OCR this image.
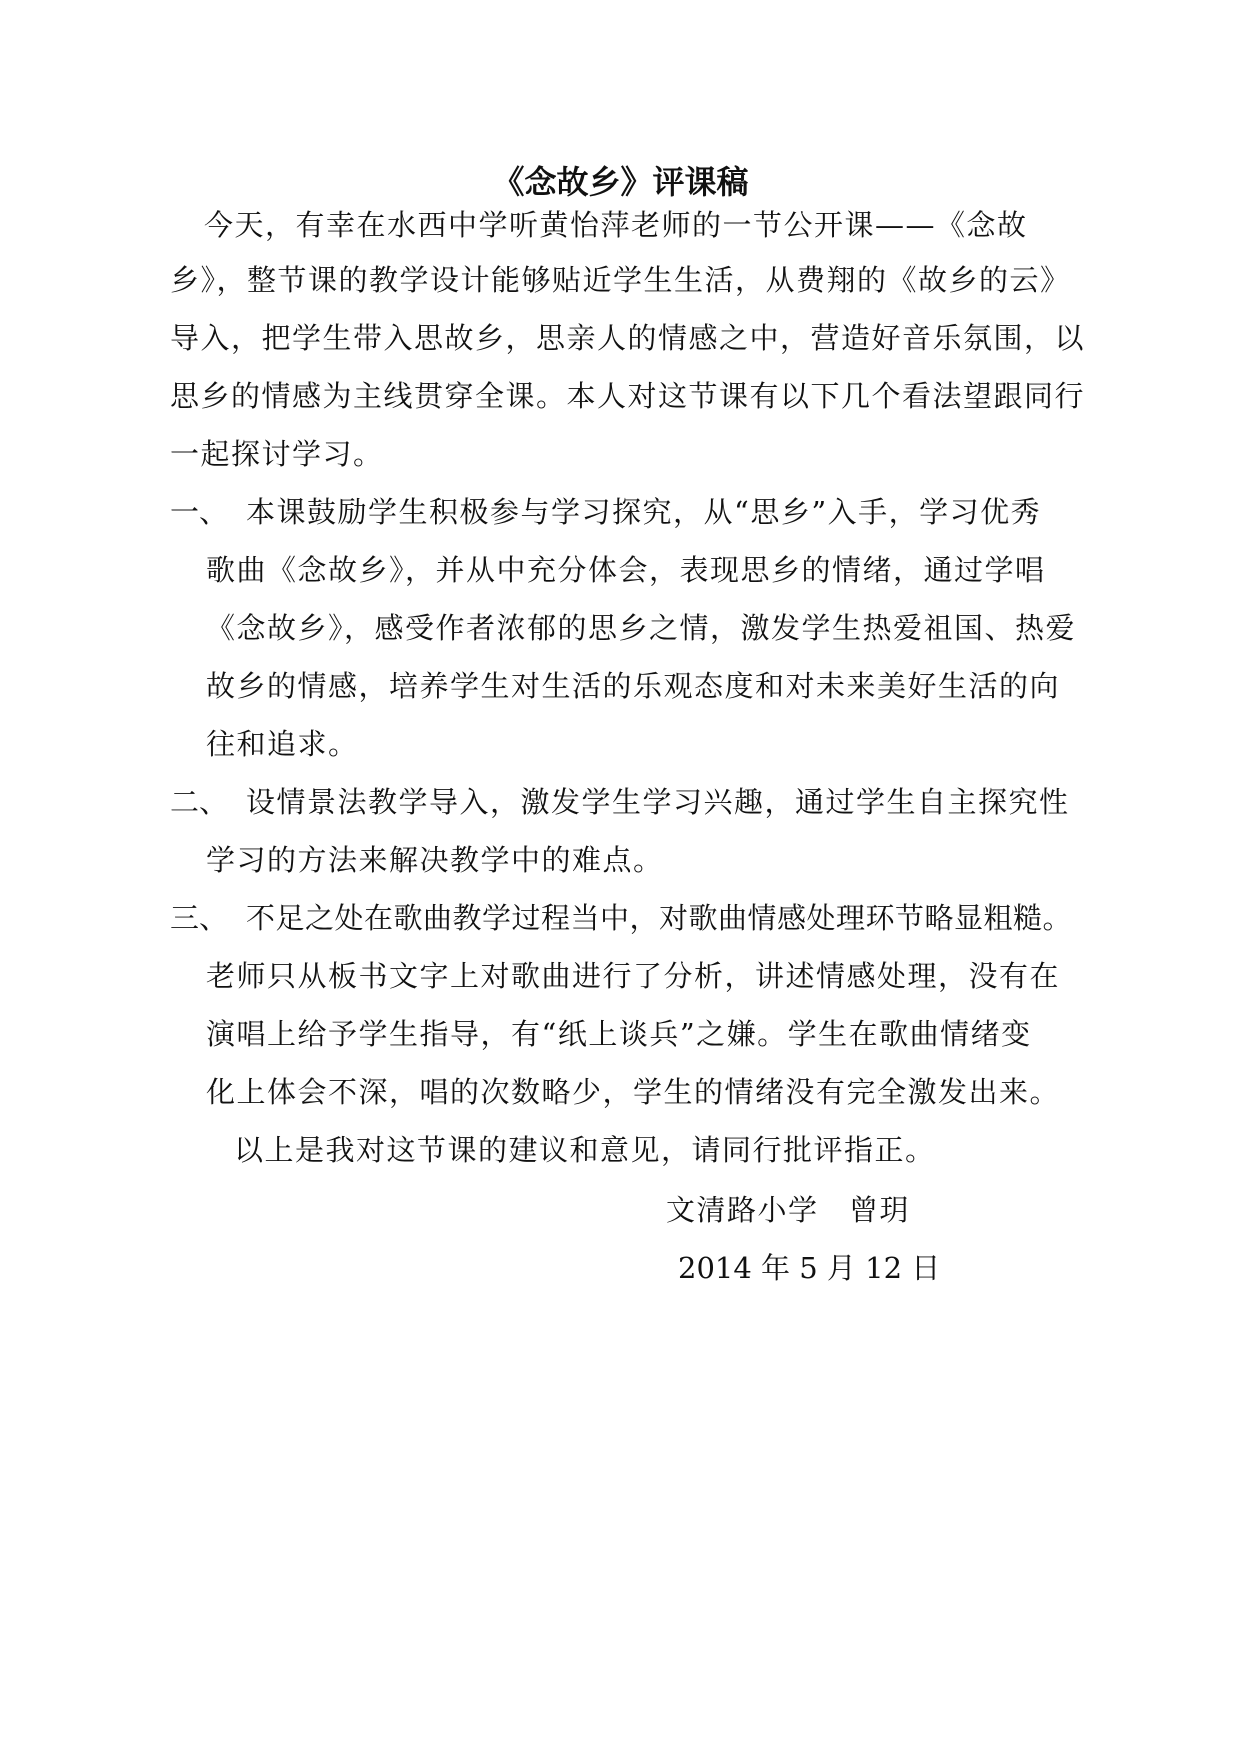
《念故乡》评课稿
今天，有幸在水西中学听黄怡萍老师的一节公开课——《念故
乡》，整节课的教学设计能够贴近学生生活，从费翔的《故乡的云》
导入，把学生带入思故乡，思亲人的情感之中，营造好音乐氛围，以
思乡的情感为主线贯穿全课。本人对这节课有以下几个看法望跟同行
一起探讨学习。
一、 本课鼓励学生积极参与学习探究，从“思乡”入手，学习优秀
歌曲《念故乡》，并从中充分体会，表现思乡的情绪，通过学唱
《念故乡》，感受作者浓郁的思乡之情，激发学生热爱祖国、热爱
故乡的情感，培养学生对生活的乐观态度和对未来美好生活的向
往和追求。
二、 设情景法教学导入，激发学生学习兴趣，通过学生自主探究性
学习的方法来解决教学中的难点。
三、 不足之处在歌曲教学过程当中，对歌曲情感处理环节略显粗糙。
老师只从板书文字上对歌曲进行了分析，讲述情感处理，没有在
演唱上给予学生指导，有“纸上谈兵”之嫌。学生在歌曲情绪变
化上体会不深，唱的次数略少，学生的情绪没有完全激发出来。
以上是我对这节课的建议和意见，请同行批评指正。
文清路小学　曾玥
2014 年 5 月 12 日
